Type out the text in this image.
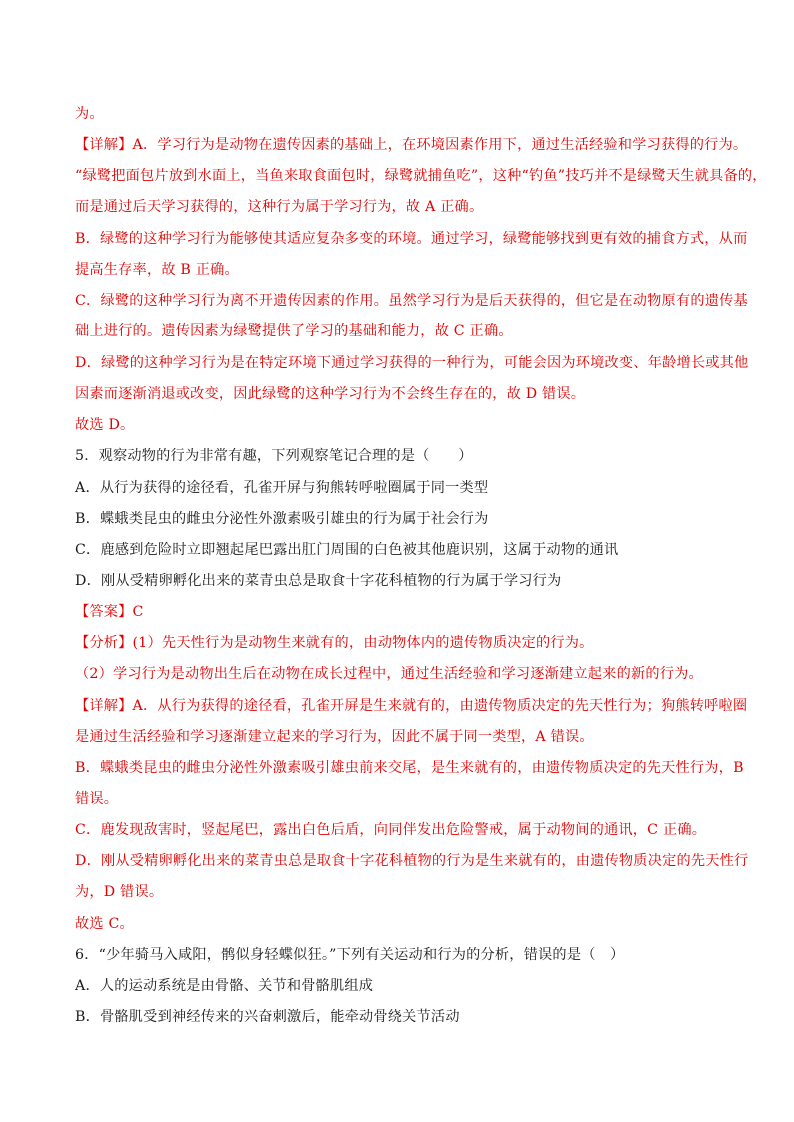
为。
【详解】A．学习行为是动物在遗传因素的基础上，在环境因素作用下，通过生活经验和学习获得的行为。
“绿鹭把面包片放到水面上，当鱼来取食面包时，绿鹭就捕鱼吃”，这种“钓鱼”技巧并不是绿鹭天生就具备的，
而是通过后天学习获得的，这种行为属于学习行为，故 A 正确。
B．绿鹭的这种学习行为能够使其适应复杂多变的环境。通过学习，绿鹭能够找到更有效的捕食方式，从而
提高生存率，故 B 正确。
C．绿鹭的这种学习行为离不开遗传因素的作用。虽然学习行为是后天获得的，但它是在动物原有的遗传基
础上进行的。遗传因素为绿鹭提供了学习的基础和能力，故 C 正确。
D．绿鹭的这种学习行为是在特定环境下通过学习获得的一种行为，可能会因为环境改变、年龄增长或其他
因素而逐渐消退或改变，因此绿鹭的这种学习行为不会终生存在的，故 D 错误。
故选 D。
5．观察动物的行为非常有趣，下列观察笔记合理的是（　　）
A．从行为获得的途径看，孔雀开屏与狗熊转呼啦圈属于同一类型
B．蝶蛾类昆虫的雌虫分泌性外激素吸引雄虫的行为属于社会行为
C．鹿感到危险时立即翘起尾巴露出肛门周围的白色被其他鹿识别，这属于动物的通讯
D．刚从受精卵孵化出来的菜青虫总是取食十字花科植物的行为属于学习行为
【答案】C
【分析】(1）先天性行为是动物生来就有的，由动物体内的遗传物质决定的行为。
（2）学习行为是动物出生后在动物在成长过程中，通过生活经验和学习逐渐建立起来的新的行为。
【详解】A．从行为获得的途径看，孔雀开屏是生来就有的，由遗传物质决定的先天性行为；狗熊转呼啦圈
是通过生活经验和学习逐渐建立起来的学习行为，因此不属于同一类型，A 错误。
B．蝶蛾类昆虫的雌虫分泌性外激素吸引雄虫前来交尾，是生来就有的，由遗传物质决定的先天性行为，B
错误。
C．鹿发现敌害时，竖起尾巴，露出白色后盾，向同伴发出危险警戒，属于动物间的通讯，C 正确。
D．刚从受精卵孵化出来的菜青虫总是取食十字花科植物的行为是生来就有的，由遗传物质决定的先天性行
为，D 错误。
故选 C。
6．“少年骑马入咸阳，鹘似身轻蝶似狂。”下列有关运动和行为的分析，错误的是（　）
A．人的运动系统是由骨骼、关节和骨骼肌组成
B．骨骼肌受到神经传来的兴奋刺激后，能牵动骨绕关节活动
